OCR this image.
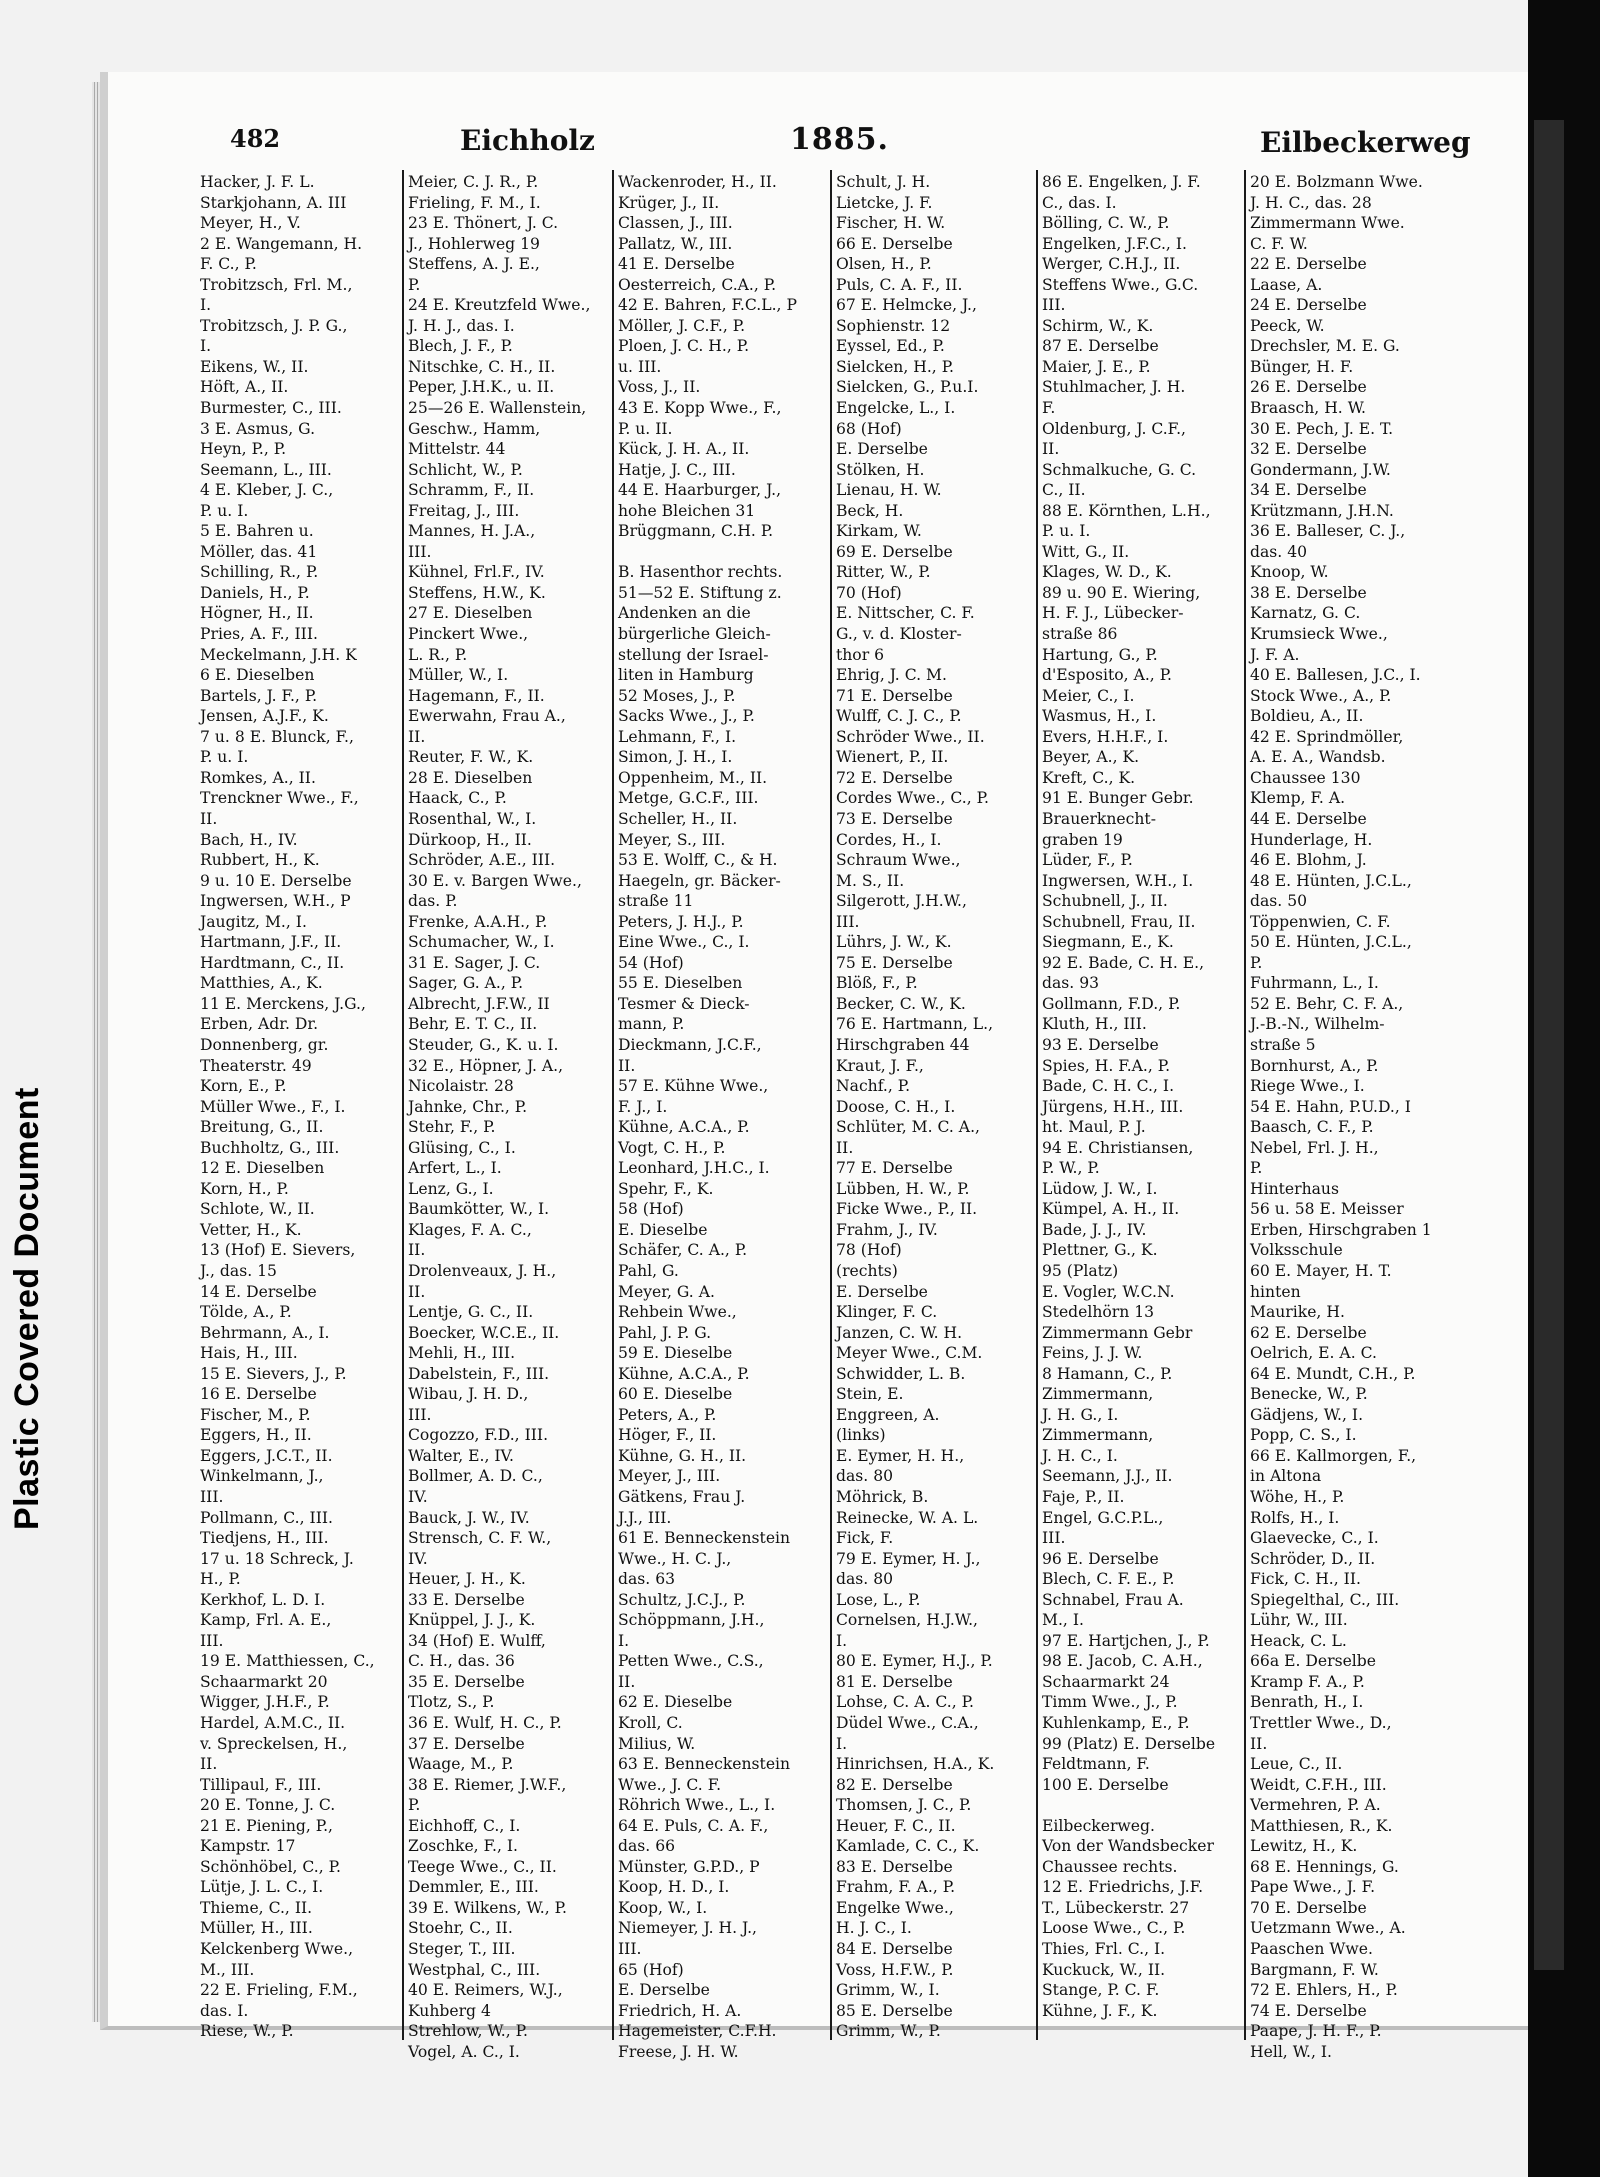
482	Eichholz	1885.	Eilbeckerweg
Hacker, J. F. L.
Starkjohann, A. III
Meyer, H., V.
2 E. Wangemann, H.
F. C., P.
Trobitzsch, Frl. M.,
I.
Trobitzsch, J. P. G.,
I.
Eikens, W., II.
Höft, A., II.
Burmester, C., III.
3 E. Asmus, G.
Heyn, P., P.
Seemann, L., III.
4 E. Kleber, J. C.,
P. u. I.
5 E. Bahren u.
Möller, das. 41
Schilling, R., P.
Daniels, H., P.
Högner, H., II.
Pries, A. F., III.
Meckelmann, J.H. K
6 E. Dieselben
Bartels, J. F., P.
Jensen, A.J.F., K.
7 u. 8 E. Blunck, F.,
P. u. I.
Romkes, A., II.
Trenckner Wwe., F.,
II.
Bach, H., IV.
Rubbert, H., K.
9 u. 10 E. Derselbe
Ingwersen, W.H., P
Jaugitz, M., I.
Hartmann, J.F., II.
Hardtmann, C., II.
Matthies, A., K.
11 E. Merckens, J.G.,
Erben, Adr. Dr.
Donnenberg, gr.
Theaterstr. 49
Korn, E., P.
Müller Wwe., F., I.
Breitung, G., II.
Buchholtz, G., III.
12 E. Dieselben
Korn, H., P.
Schlote, W., II.
Vetter, H., K.
13 (Hof) E. Sievers,
J., das. 15
14 E. Derselbe
Tölde, A., P.
Behrmann, A., I.
Hais, H., III.
15 E. Sievers, J., P.
16 E. Derselbe
Fischer, M., P.
Eggers, H., II.
Eggers, J.C.T., II.
Winkelmann, J.,
III.
Pollmann, C., III.
Tiedjens, H., III.
17 u. 18 Schreck, J.
H., P.
Kerkhof, L. D. I.
Kamp, Frl. A. E.,
III.
19 E. Matthiessen, C.,
Schaarmarkt 20
Wigger, J.H.F., P.
Hardel, A.M.C., II.
v. Spreckelsen, H.,
II.
Tillipaul, F., III.
20 E. Tonne, J. C.
21 E. Piening, P.,
Kampstr. 17
Schönhöbel, C., P.
Lütje, J. L. C., I.
Thieme, C., II.
Müller, H., III.
Kelckenberg Wwe.,
M., III.
22 E. Frieling, F.M.,
das. I.
Riese, W., P.
Meier, C. J. R., P.
Frieling, F. M., I.
23 E. Thönert, J. C.
J., Hohlerweg 19
Steffens, A. J. E.,
P.
24 E. Kreutzfeld Wwe.,
J. H. J., das. I.
Blech, J. F., P.
Nitschke, C. H., II.
Peper, J.H.K., u. II.
25—26 E. Wallenstein,
Geschw., Hamm,
Mittelstr. 44
Schlicht, W., P.
Schramm, F., II.
Freitag, J., III.
Mannes, H. J.A.,
III.
Kühnel, Frl.F., IV.
Steffens, H.W., K.
27 E. Dieselben
Pinckert Wwe.,
L. R., P.
Müller, W., I.
Hagemann, F., II.
Ewerwahn, Frau A.,
II.
Reuter, F. W., K.
28 E. Dieselben
Haack, C., P.
Rosenthal, W., I.
Dürkoop, H., II.
Schröder, A.E., III.
30 E. v. Bargen Wwe.,
das. P.
Frenke, A.A.H., P.
Schumacher, W., I.
31 E. Sager, J. C.
Sager, G. A., P.
Albrecht, J.F.W., II
Behr, E. T. C., II.
Steuder, G., K. u. I.
32 E., Höpner, J. A.,
Nicolaistr. 28
Jahnke, Chr., P.
Stehr, F., P.
Glüsing, C., I.
Arfert, L., I.
Lenz, G., I.
Baumkötter, W., I.
Klages, F. A. C.,
II.
Drolenveaux, J. H.,
II.
Lentje, G. C., II.
Boecker, W.C.E., II.
Mehli, H., III.
Dabelstein, F., III.
Wibau, J. H. D.,
III.
Cogozzo, F.D., III.
Walter, E., IV.
Bollmer, A. D. C.,
IV.
Bauck, J. W., IV.
Strensch, C. F. W.,
IV.
Heuer, J. H., K.
33 E. Derselbe
Knüppel, J. J., K.
34 (Hof) E. Wulff,
C. H., das. 36
35 E. Derselbe
Tlotz, S., P.
36 E. Wulf, H. C., P.
37 E. Derselbe
Waage, M., P.
38 E. Riemer, J.W.F.,
P.
Eichhoff, C., I.
Zoschke, F., I.
Teege Wwe., C., II.
Demmler, E., III.
39 E. Wilkens, W., P.
Stoehr, C., II.
Steger, T., III.
Westphal, C., III.
40 E. Reimers, W.J.,
Kuhberg 4
Strehlow, W., P.
Vogel, A. C., I.
Wackenroder, H., II.
Krüger, J., II.
Classen, J., III.
Pallatz, W., III.
41 E. Derselbe
Oesterreich, C.A., P.
42 E. Bahren, F.C.L., P
Möller, J. C.F., P.
Ploen, J. C. H., P.
u. III.
Voss, J., II.
43 E. Kopp Wwe., F.,
P. u. II.
Kück, J. H. A., II.
Hatje, J. C., III.
44 E. Haarburger, J.,
hohe Bleichen 31
Brüggmann, C.H. P.
B. Hasenthor rechts.
51—52 E. Stiftung z.
Andenken an die
bürgerliche Gleich-
stellung der Israel-
liten in Hamburg
52 Moses, J., P.
Sacks Wwe., J., P.
Lehmann, F., I.
Simon, J. H., I.
Oppenheim, M., II.
Metge, G.C.F., III.
Scheller, H., II.
Meyer, S., III.
53 E. Wolff, C., & H.
Haegeln, gr. Bäcker-
straße 11
Peters, J. H.J., P.
Eine Wwe., C., I.
54 (Hof)
55 E. Dieselben
Tesmer & Dieck-
mann, P.
Dieckmann, J.C.F.,
II.
57 E. Kühne Wwe.,
F. J., I.
Kühne, A.C.A., P.
Vogt, C. H., P.
Leonhard, J.H.C., I.
Spehr, F., K.
58 (Hof)
E. Dieselbe
Schäfer, C. A., P.
Pahl, G.
Meyer, G. A.
Rehbein Wwe.,
Pahl, J. P. G.
59 E. Dieselbe
Kühne, A.C.A., P.
60 E. Dieselbe
Peters, A., P.
Höger, F., II.
Kühne, G. H., II.
Meyer, J., III.
Gätkens, Frau J.
J.J., III.
61 E. Benneckenstein
Wwe., H. C. J.,
das. 63
Schultz, J.C.J., P.
Schöppmann, J.H.,
I.
Petten Wwe., C.S.,
II.
62 E. Dieselbe
Kroll, C.
Milius, W.
63 E. Benneckenstein
Wwe., J. C. F.
Röhrich Wwe., L., I.
64 E. Puls, C. A. F.,
das. 66
Münster, G.P.D., P
Koop, H. D., I.
Koop, W., I.
Niemeyer, J. H. J.,
III.
65 (Hof)
E. Derselbe
Friedrich, H. A.
Hagemeister, C.F.H.
Freese, J. H. W.
Schult, J. H.
Lietcke, J. F.
Fischer, H. W.
66 E. Derselbe
Olsen, H., P.
Puls, C. A. F., II.
67 E. Helmcke, J.,
Sophienstr. 12
Eyssel, Ed., P.
Sielcken, H., P.
Sielcken, G., P.u.I.
Engelcke, L., I.
68 (Hof)
E. Derselbe
Stölken, H.
Lienau, H. W.
Beck, H.
Kirkam, W.
69 E. Derselbe
Ritter, W., P.
70 (Hof)
E. Nittscher, C. F.
G., v. d. Kloster-
thor 6
Ehrig, J. C. M.
71 E. Derselbe
Wulff, C. J. C., P.
Schröder Wwe., II.
Wienert, P., II.
72 E. Derselbe
Cordes Wwe., C., P.
73 E. Derselbe
Cordes, H., I.
Schraum Wwe.,
M. S., II.
Silgerott, J.H.W.,
III.
Lührs, J. W., K.
75 E. Derselbe
Blöß, F., P.
Becker, C. W., K.
76 E. Hartmann, L.,
Hirschgraben 44
Kraut, J. F.,
Nachf., P.
Doose, C. H., I.
Schlüter, M. C. A.,
II.
77 E. Derselbe
Lübben, H. W., P.
Ficke Wwe., P., II.
Frahm, J., IV.
78 (Hof)
(rechts)
E. Derselbe
Klinger, F. C.
Janzen, C. W. H.
Meyer Wwe., C.M.
Schwidder, L. B.
Stein, E.
Enggreen, A.
(links)
E. Eymer, H. H.,
das. 80
Möhrick, B.
Reinecke, W. A. L.
Fick, F.
79 E. Eymer, H. J.,
das. 80
Lose, L., P.
Cornelsen, H.J.W.,
I.
80 E. Eymer, H.J., P.
81 E. Derselbe
Lohse, C. A. C., P.
Düdel Wwe., C.A.,
I.
Hinrichsen, H.A., K.
82 E. Derselbe
Thomsen, J. C., P.
Heuer, F. C., II.
Kamlade, C. C., K.
83 E. Derselbe
Frahm, F. A., P.
Engelke Wwe.,
H. J. C., I.
84 E. Derselbe
Voss, H.F.W., P.
Grimm, W., I.
85 E. Derselbe
Grimm, W., P.
86 E. Engelken, J. F.
C., das. I.
Bölling, C. W., P.
Engelken, J.F.C., I.
Werger, C.H.J., II.
Steffens Wwe., G.C.
III.
Schirm, W., K.
87 E. Derselbe
Maier, J. E., P.
Stuhlmacher, J. H.
F.
Oldenburg, J. C.F.,
II.
Schmalkuche, G. C.
C., II.
88 E. Körnthen, L.H.,
P. u. I.
Witt, G., II.
Klages, W. D., K.
89 u. 90 E. Wiering,
H. F. J., Lübecker-
straße 86
Hartung, G., P.
d'Esposito, A., P.
Meier, C., I.
Wasmus, H., I.
Evers, H.H.F., I.
Beyer, A., K.
Kreft, C., K.
91 E. Bunger Gebr.
Brauerknecht-
graben 19
Lüder, F., P.
Ingwersen, W.H., I.
Schubnell, J., II.
Schubnell, Frau, II.
Siegmann, E., K.
92 E. Bade, C. H. E.,
das. 93
Gollmann, F.D., P.
Kluth, H., III.
93 E. Derselbe
Spies, H. F.A., P.
Bade, C. H. C., I.
Jürgens, H.H., III.
ht. Maul, P. J.
94 E. Christiansen,
P. W., P.
Lüdow, J. W., I.
Kümpel, A. H., II.
Bade, J. J., IV.
Plettner, G., K.
95 (Platz)
E. Vogler, W.C.N.
Stedelhörn 13
Zimmermann Gebr
Feins, J. J. W.
8 Hamann, C., P.
Zimmermann,
J. H. G., I.
Zimmermann,
J. H. C., I.
Seemann, J.J., II.
Faje, P., II.
Engel, G.C.P.L.,
III.
96 E. Derselbe
Blech, C. F. E., P.
Schnabel, Frau A.
M., I.
97 E. Hartjchen, J., P.
98 E. Jacob, C. A.H.,
Schaarmarkt 24
Timm Wwe., J., P.
Kuhlenkamp, E., P.
99 (Platz) E. Derselbe
Feldtmann, F.
100 E. Derselbe
Eilbeckerweg.
Von der Wandsbecker
Chaussee rechts.
12 E. Friedrichs, J.F.
T., Lübeckerstr. 27
Loose Wwe., C., P.
Thies, Frl. C., I.
Kuckuck, W., II.
Stange, P. C. F.
Kühne, J. F., K.
20 E. Bolzmann Wwe.
J. H. C., das. 28
Zimmermann Wwe.
C. F. W.
22 E. Derselbe
Laase, A.
24 E. Derselbe
Peeck, W.
Drechsler, M. E. G.
Bünger, H. F.
26 E. Derselbe
Braasch, H. W.
30 E. Pech, J. E. T.
32 E. Derselbe
Gondermann, J.W.
34 E. Derselbe
Krützmann, J.H.N.
36 E. Balleser, C. J.,
das. 40
Knoop, W.
38 E. Derselbe
Karnatz, G. C.
Krumsieck Wwe.,
J. F. A.
40 E. Ballesen, J.C., I.
Stock Wwe., A., P.
Boldieu, A., II.
42 E. Sprindmöller,
A. E. A., Wandsb.
Chaussee 130
Klemp, F. A.
44 E. Derselbe
Hunderlage, H.
46 E. Blohm, J.
48 E. Hünten, J.C.L.,
das. 50
Töppenwien, C. F.
50 E. Hünten, J.C.L.,
P.
Fuhrmann, L., I.
52 E. Behr, C. F. A.,
J.-B.-N., Wilhelm-
straße 5
Bornhurst, A., P.
Riege Wwe., I.
54 E. Hahn, P.U.D., I
Baasch, C. F., P.
Nebel, Frl. J. H.,
P.
Hinterhaus
56 u. 58 E. Meisser
Erben, Hirschgraben 1
Volksschule
60 E. Mayer, H. T.
hinten
Maurike, H.
62 E. Derselbe
Oelrich, E. A. C.
64 E. Mundt, C.H., P.
Benecke, W., P.
Gädjens, W., I.
Popp, C. S., I.
66 E. Kallmorgen, F.,
in Altona
Wöhe, H., P.
Rolfs, H., I.
Glaevecke, C., I.
Schröder, D., II.
Fick, C. H., II.
Spiegelthal, C., III.
Lühr, W., III.
Heack, C. L.
66a E. Derselbe
Kramp F. A., P.
Benrath, H., I.
Trettler Wwe., D.,
II.
Leue, C., II.
Weidt, C.F.H., III.
Vermehren, P. A.
Matthiesen, R., K.
Lewitz, H., K.
68 E. Hennings, G.
Pape Wwe., J. F.
70 E. Derselbe
Uetzmann Wwe., A.
Paaschen Wwe.
Bargmann, F. W.
72 E. Ehlers, H., P.
74 E. Derselbe
Paape, J. H. F., P.
Hell, W., I.
Plastic Covered Document
